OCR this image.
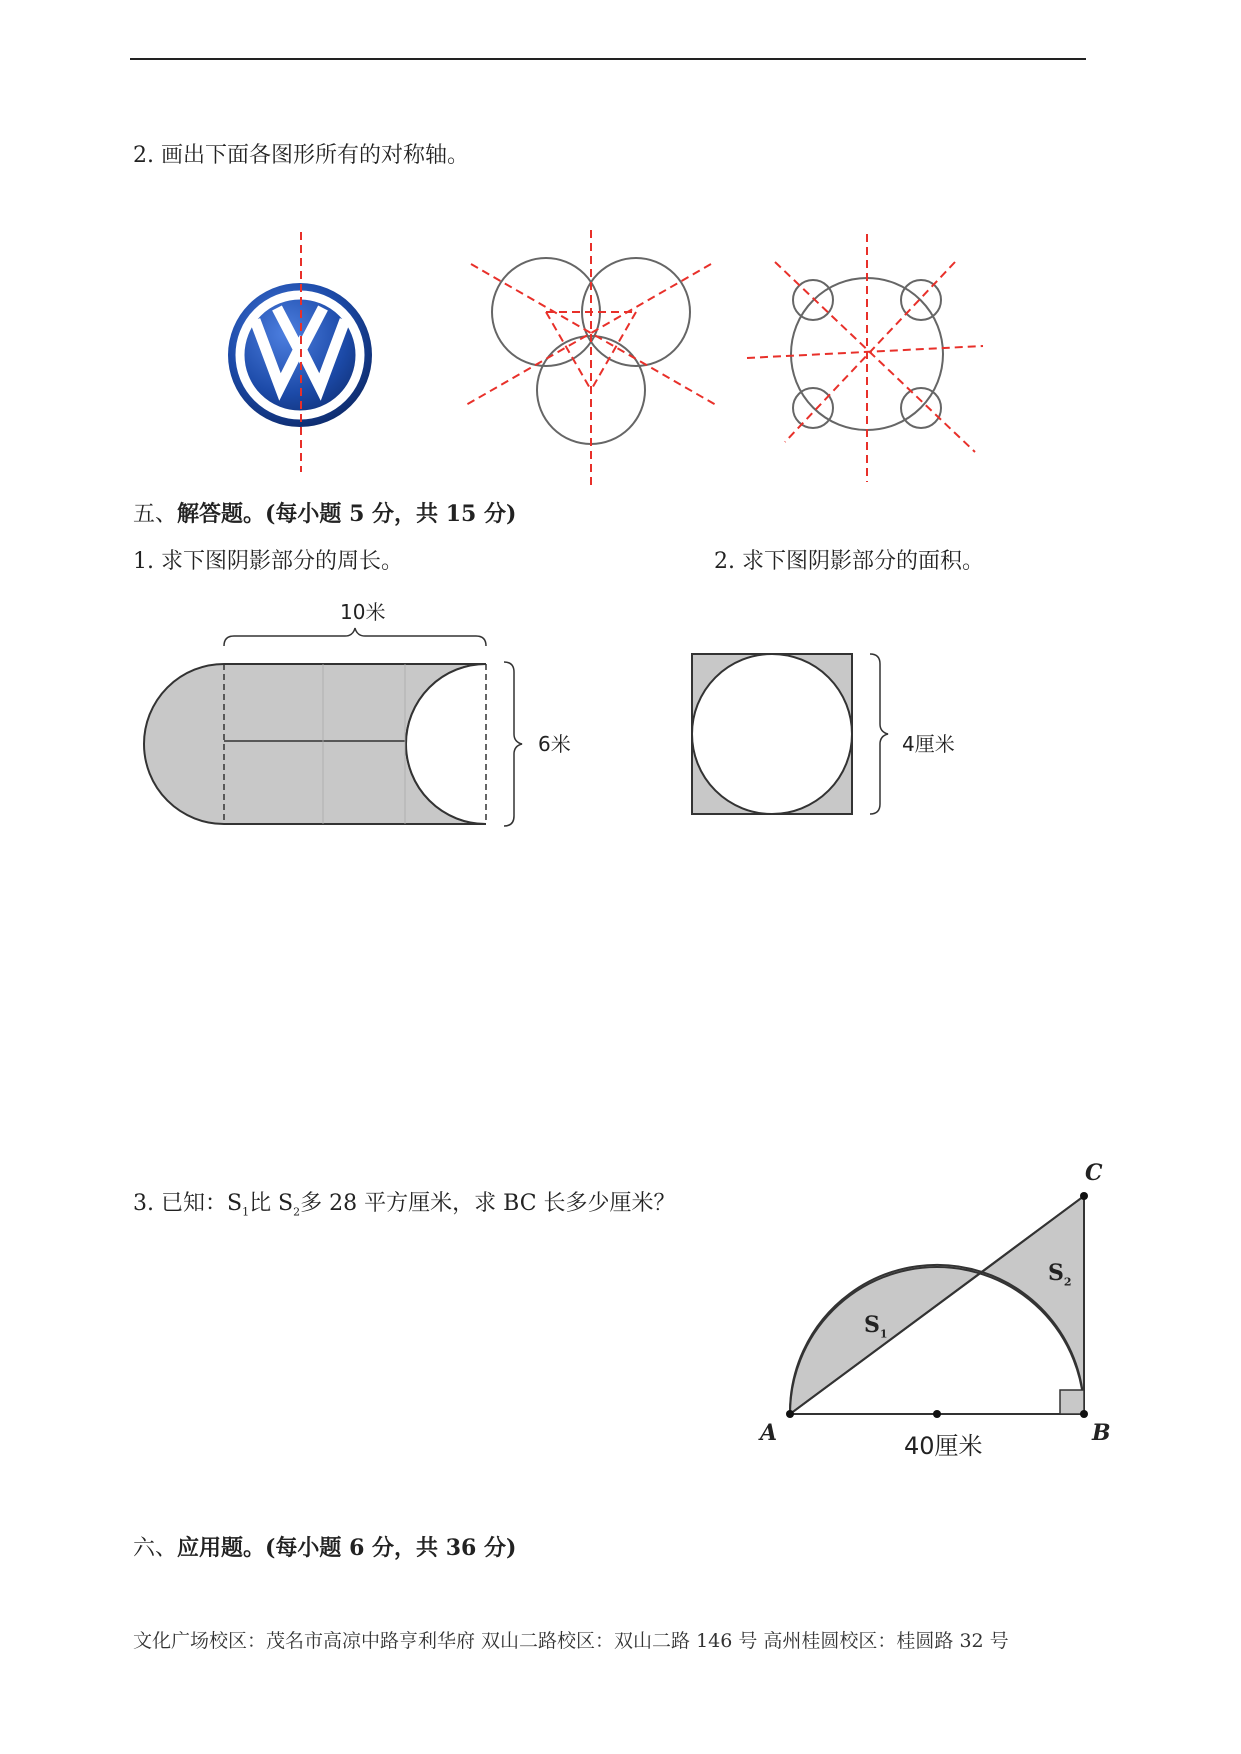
2. 画出下面各图形所有的对称轴。
五、解答题。(每小题 5 分，共 15 分)
1. 求下图阴影部分的周长。	2. 求下图阴影部分的面积。
10米
6米	4厘米
3. 已知：$S_1$比 $S_2$多 28 平方厘米，求 BC 长多少厘米？
A	B
C
$S_1$
$S_2$
40厘米
六、应用题。(每小题 6 分，共 36 分)
文化广场校区：茂名市高凉中路亨利华府 双山二路校区：双山二路 146 号 高州桂圆校区：桂圆路 32 号
